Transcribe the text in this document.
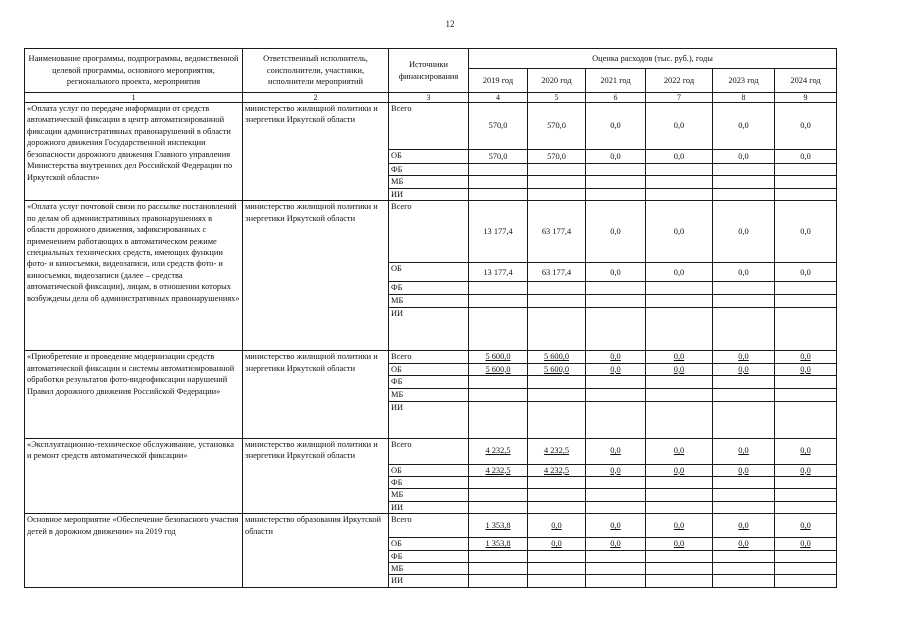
12
Наименование программы, подпрограммы, ведомственной целевой программы, основного мероприятия, регионального проекта, мероприятия	Ответственный исполнитель, соисполнители, участники, исполнители мероприятий	Источники финансирования	Оценка расходов (тыс. руб.), годы					
			2019 год	2020 год	2021 год	2022 год	2023 год	2024 год
1	2	3	4	5	6	7	8	9
«Оплата услуг по передаче информации от средств автоматической фиксации в центр автоматизированной фиксации административных правонарушений в области дорожного движения Государственной инспекции безопасности дорожного движения Главного управления Министерства внутренних дел Российской Федерации по Иркутской области»	министерство жилищной политики и энергетики Иркутской области	Всего	570,0	570,0	0,0	0,0	0,0	0,0
		ОБ	570,0	570,0	0,0	0,0	0,0	0,0
		ФБ						
		МБ						
		ИИ						
«Оплата услуг почтовой связи по рассылке постановлений по делам об административных правонарушениях в области дорожного движения, зафиксированных с применением работающих в автоматическом режиме специальных технических средств, имеющих функции фото- и киносъемки, видеозаписи, или средств фото- и киносъемки, видеозаписи (далее – средства автоматической фиксации), лицам, в отношении которых возбуждены дела об административных правонарушениях»	министерство жилищной политики и энергетики Иркутской области	Всего	13 177,4	63 177,4	0,0	0,0	0,0	0,0
		ОБ	13 177,4	63 177,4	0,0	0,0	0,0	0,0
		ФБ						
		МБ						
		ИИ						
«Приобретение и проведение модернизации средств автоматической фиксации и системы автоматизированной обработки результатов фото-видеофиксации нарушений Правил дорожного движения Российской Федерации»	министерство жилищной политики и энергетики Иркутской области	Всего	5 600,0	5 600,0	0,0	0,0	0,0	0,0
		ОБ	5 600,0	5 600,0	0,0	0,0	0,0	0,0
		ФБ						
		МБ						
		ИИ						
«Эксплуатационно-техническое обслуживание, установка и ремонт средств автоматической фиксации»	министерство жилищной политики и энергетики Иркутской области	Всего	4 232,5	4 232,5	0,0	0,0	0,0	0,0
		ОБ	4 232,5	4 232,5	0,0	0,0	0,0	0,0
		ФБ						
		МБ						
		ИИ						
Основное мероприятие «Обеспечение безопасного участия детей в дорожном движении» на 2019 год	министерство образования Иркутской области	Всего	1 353,8	0,0	0,0	0,0	0,0	0,0
		ОБ	1 353,8	0,0	0,0	0,0	0,0	0,0
		ФБ						
		МБ						
		ИИ						
